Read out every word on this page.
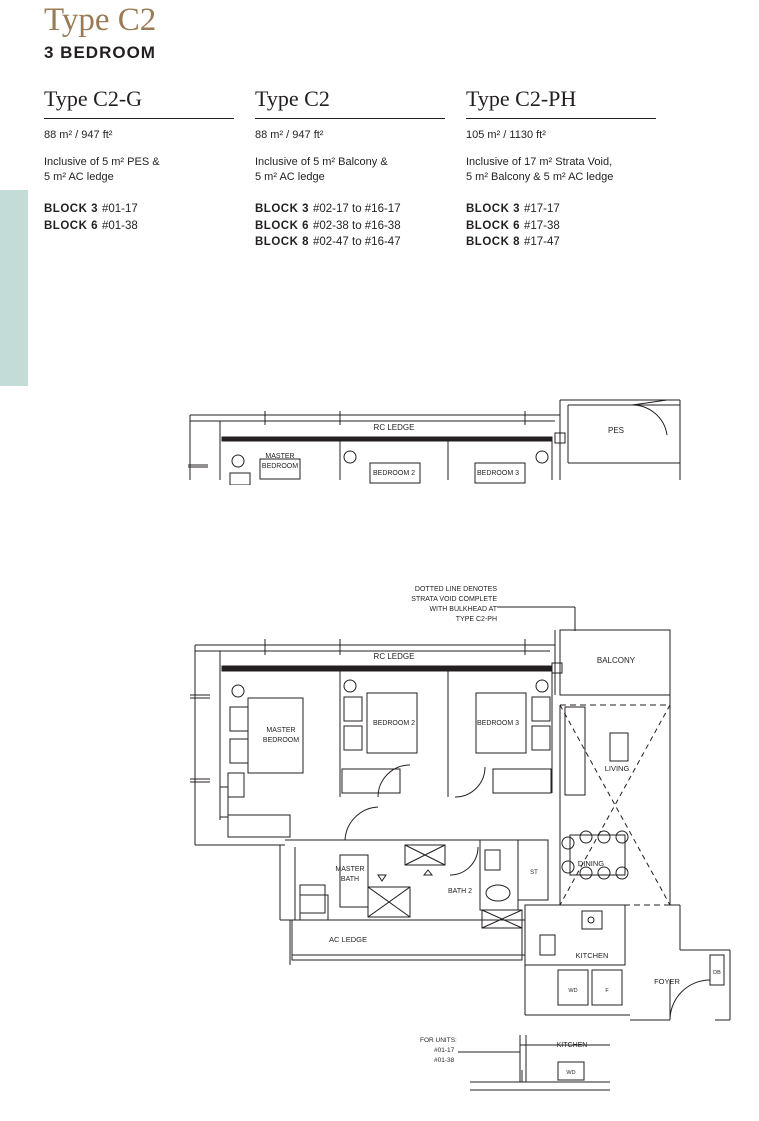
Type C2
3 BEDROOM
Type C2-G
88 m² / 947 ft²
Inclusive of 5 m² PES &
5 m² AC ledge
BLOCK 3 #01-17
BLOCK 6 #01-38
Type C2
88 m² / 947 ft²
Inclusive of 5 m² Balcony &
5 m² AC ledge
BLOCK 3 #02-17 to #16-17
BLOCK 6 #02-38 to #16-38
BLOCK 8 #02-47 to #16-47
Type C2-PH
105 m² / 1130 ft²
Inclusive of 17 m² Strata Void,
5 m² Balcony & 5 m² AC ledge
BLOCK 3 #17-17
BLOCK 6 #17-38
BLOCK 8 #17-47
RC LEDGE	PES
MASTER
BEDROOM
BEDROOM 2	BEDROOM 3
DOTTED LINE DENOTES
STRATA VOID COMPLETE
WITH BULKHEAD AT
TYPE C2-PH
RC LEDGE	BALCONY
MASTER
BEDROOM
BEDROOM 2	BEDROOM 3
LIVING
DINING
ST
MASTER
BATH
BATH 2
KITCHEN
FOYER
DB
WD	F
AC LEDGE
FOR UNITS:
#01-17
#01-38
KITCHEN
WD
